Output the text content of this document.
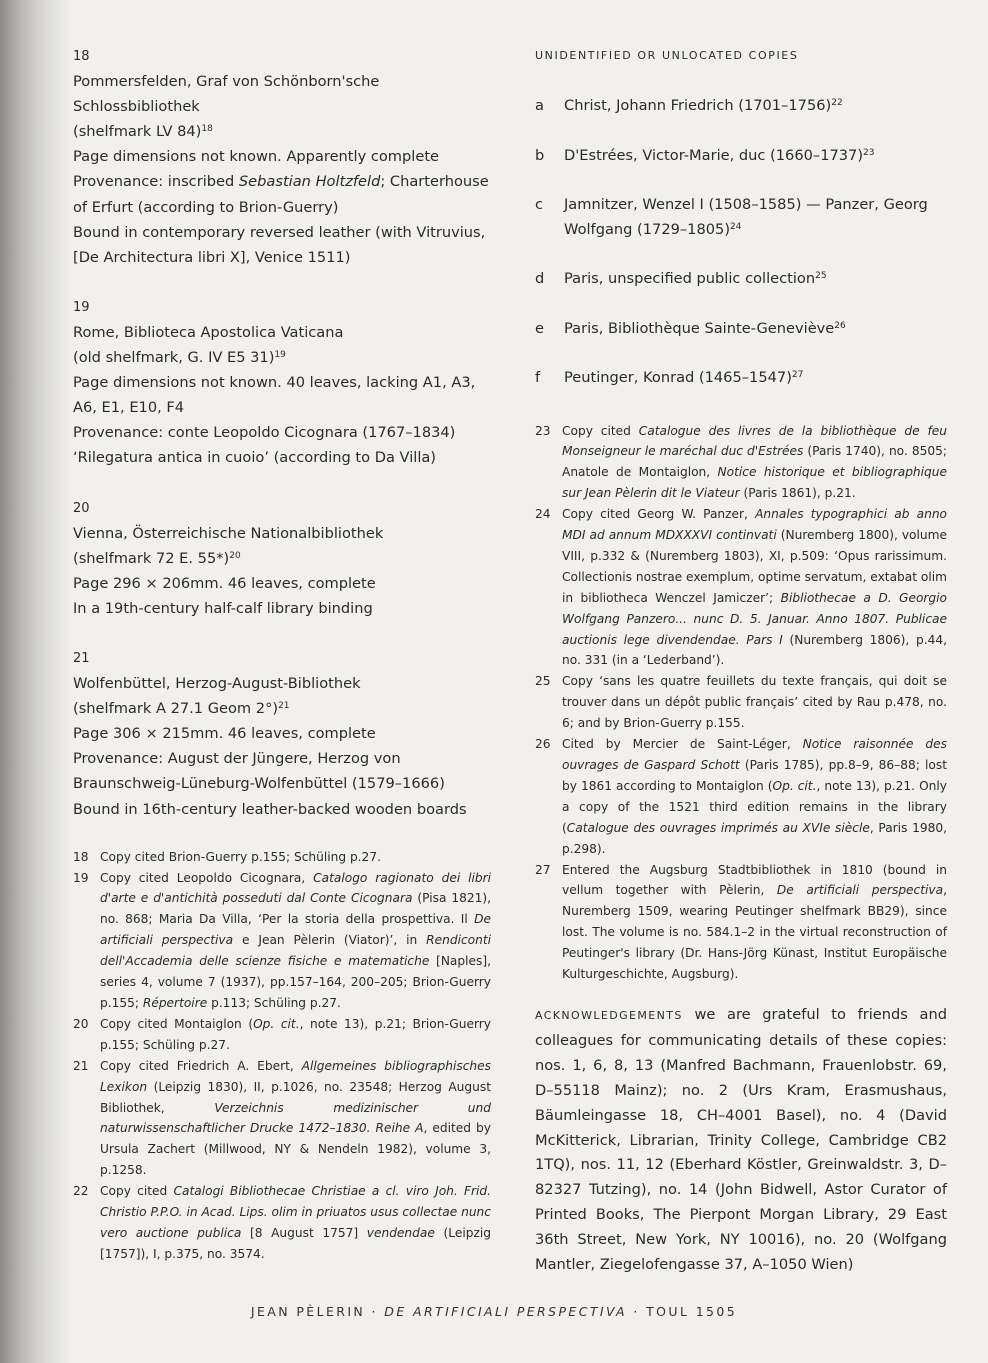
18
Pommersfelden, Graf von Schönborn'sche
Schlossbibliothek
(shelfmark LV 84)$^{18}$
Page dimensions not known. Apparently complete
Provenance: inscribed Sebastian Holtzfeld; Charterhouse
of Erfurt (according to Brion-Guerry)
Bound in contemporary reversed leather (with Vitruvius,
[De Architectura libri X], Venice 1511)
19
Rome, Biblioteca Apostolica Vaticana
(old shelfmark, G. IV E5 31)$^{19}$
Page dimensions not known. 40 leaves, lacking A1, A3,
A6, E1, E10, F4
Provenance: conte Leopoldo Cicognara (1767–1834)
‘Rilegatura antica in cuoio’ (according to Da Villa)
20
Vienna, Österreichische Nationalbibliothek
(shelfmark 72 E. 55*)$^{20}$
Page 296 × 206mm. 46 leaves, complete
In a 19th-century half-calf library binding
21
Wolfenbüttel, Herzog-August-Bibliothek
(shelfmark A 27.1 Geom 2°)$^{21}$
Page 306 × 215mm. 46 leaves, complete
Provenance: August der Jüngere, Herzog von
Braunschweig-Lüneburg-Wolfenbüttel (1579–1666)
Bound in 16th-century leather-backed wooden boards
18 Copy cited Brion-Guerry p.155; Schüling p.27.
19 Copy cited Leopoldo Cicognara, Catalogo ragionato dei libri d'arte e d'antichità posseduti dal Conte Cicognara (Pisa 1821), no. 868; Maria Da Villa, ‘Per la storia della prospettiva. Il De artificiali perspectiva e Jean Pèlerin (Viator)’, in Rendiconti dell'Accademia delle scienze fisiche e matematiche [Naples], series 4, volume 7 (1937), pp.157–164, 200–205; Brion-Guerry p.155; Répertoire p.113; Schüling p.27.
20 Copy cited Montaiglon (Op. cit., note 13), p.21; Brion-Guerry p.155; Schüling p.27.
21 Copy cited Friedrich A. Ebert, Allgemeines bibliographisches Lexikon (Leipzig 1830), II, p.1026, no. 23548; Herzog August Bibliothek, Verzeichnis medizinischer und naturwissenschaftlicher Drucke 1472–1830. Reihe A, edited by Ursula Zachert (Millwood, NY & Nendeln 1982), volume 3, p.1258.
22 Copy cited Catalogi Bibliothecae Christiae a cl. viro Joh. Frid. Christio P.P.O. in Acad. Lips. olim in priuatos usus collectae nunc vero auctione publica [8 August 1757] vendendae (Leipzig [1757]), I, p.375, no. 3574.
UNIDENTIFIED OR UNLOCATED COPIES
a	Christ, Johann Friedrich (1701–1756)$^{22}$
b	D'Estrées, Victor-Marie, duc (1660–1737)$^{23}$
c	Jamnitzer, Wenzel I (1508–1585) — Panzer, Georg
Wolfgang (1729–1805)$^{24}$
d	Paris, unspecified public collection$^{25}$
e	Paris, Bibliothèque Sainte-Geneviève$^{26}$
f	Peutinger, Konrad (1465–1547)$^{27}$
23 Copy cited Catalogue des livres de la bibliothèque de feu Monseigneur le maréchal duc d'Estrées (Paris 1740), no. 8505; Anatole de Montaiglon, Notice historique et bibliographique sur Jean Pèlerin dit le Viateur (Paris 1861), p.21.
24 Copy cited Georg W. Panzer, Annales typographici ab anno MDI ad annum MDXXXVI continvati (Nuremberg 1800), volume VIII, p.332 & (Nuremberg 1803), XI, p.509: ‘Opus rarissimum. Collectionis nostrae exemplum, optime servatum, extabat olim in bibliotheca Wenczel Jamiczer’; Bibliothecae a D. Georgio Wolfgang Panzero... nunc D. 5. Januar. Anno 1807. Publicae auctionis lege divendendae. Pars I (Nuremberg 1806), p.44, no. 331 (in a ‘Lederband’).
25 Copy ‘sans les quatre feuillets du texte français, qui doit se trouver dans un dépôt public français’ cited by Rau p.478, no. 6; and by Brion-Guerry p.155.
26 Cited by Mercier de Saint-Léger, Notice raisonnée des ouvrages de Gaspard Schott (Paris 1785), pp.8–9, 86–88; lost by 1861 according to Montaiglon (Op. cit., note 13), p.21. Only a copy of the 1521 third edition remains in the library (Catalogue des ouvrages imprimés au XVIe siècle, Paris 1980, p.298).
27 Entered the Augsburg Stadtbibliothek in 1810 (bound in vellum together with Pèlerin, De artificiali perspectiva, Nuremberg 1509, wearing Peutinger shelfmark BB29), since lost. The volume is no. 584.1–2 in the virtual reconstruction of Peutinger's library (Dr. Hans-Jörg Künast, Institut Europäische Kulturgeschichte, Augsburg).
ACKNOWLEDGEMENTS we are grateful to friends and colleagues for communicating details of these copies: nos. 1, 6, 8, 13 (Manfred Bachmann, Frauenlobstr. 69, D–55118 Mainz); no. 2 (Urs Kram, Erasmushaus, Bäumleingasse 18, CH–4001 Basel), no. 4 (David McKitterick, Librarian, Trinity College, Cambridge CB2 1TQ), nos. 11, 12 (Eberhard Köstler, Greinwaldstr. 3, D–82327 Tutzing), no. 14 (John Bidwell, Astor Curator of Printed Books, The Pierpont Morgan Library, 29 East 36th Street, New York, NY 10016), no. 20 (Wolfgang Mantler, Ziegelofengasse 37, A–1050 Wien)
JEAN PÈLERIN · DE ARTIFICIALI PERSPECTIVA · TOUL 1505
